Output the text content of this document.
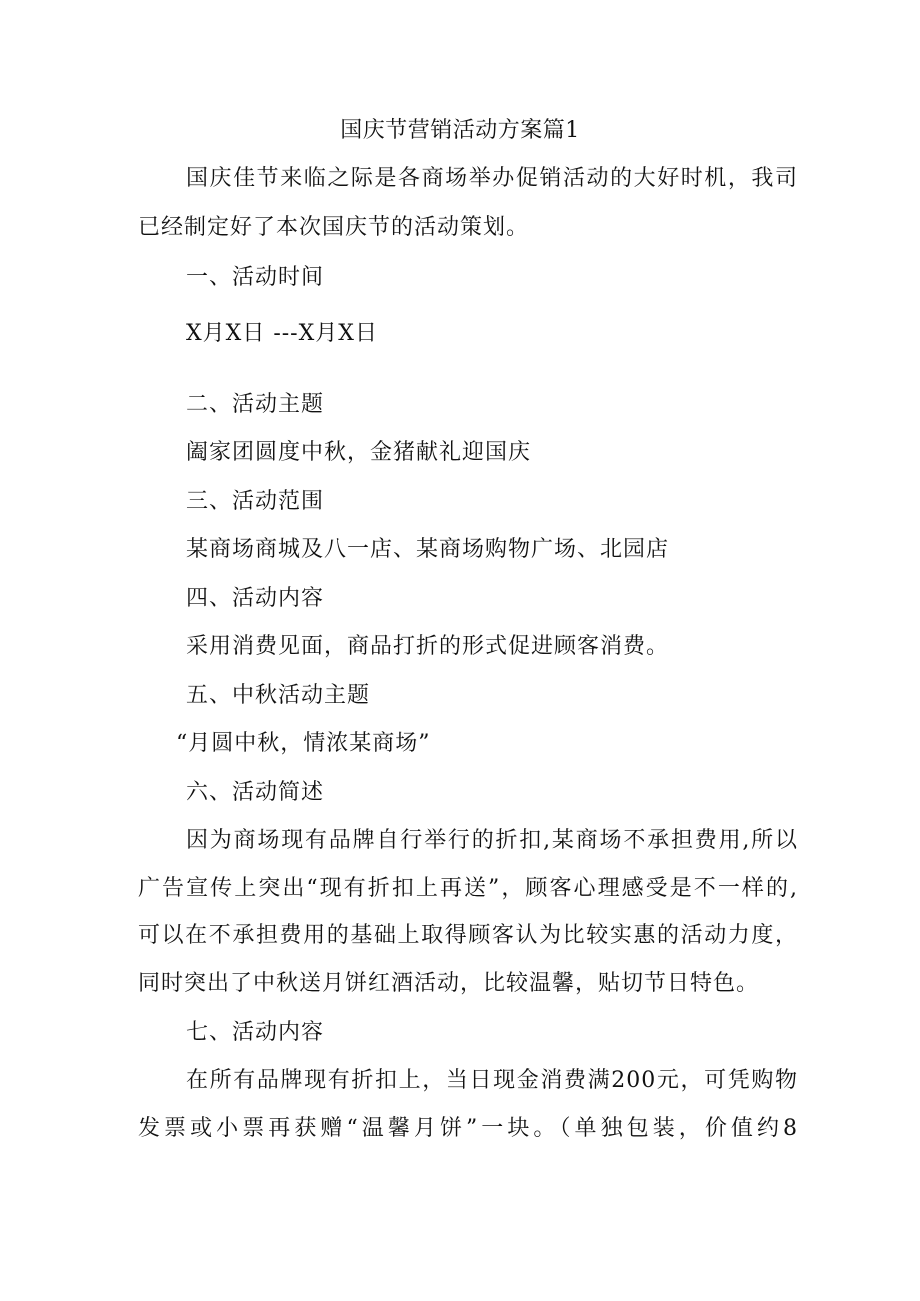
国庆节营销活动方案篇1
国庆佳节来临之际是各商场举办促销活动的大好时机，我司
已经制定好了本次国庆节的活动策划。
一、活动时间
X月X日 ---X月X日
二、活动主题
阖家团圆度中秋，金猪献礼迎国庆
三、活动范围
某商场商城及八一店、某商场购物广场、北园店
四、活动内容
采用消费见面，商品打折的形式促进顾客消费。
五、中秋活动主题
“月圆中秋，情浓某商场”
六、活动简述
因为商场现有品牌自行举行的折扣,某商场不承担费用,所以
广告宣传上突出“现有折扣上再送”，顾客心理感受是不一样的,
可以在不承担费用的基础上取得顾客认为比较实惠的活动力度，
同时突出了中秋送月饼红酒活动，比较温馨，贴切节日特色。
七、活动内容
在所有品牌现有折扣上，当日现金消费满200元，可凭购物
发票或小票再获赠“温馨月饼”一块。（单独包装，价值约8
